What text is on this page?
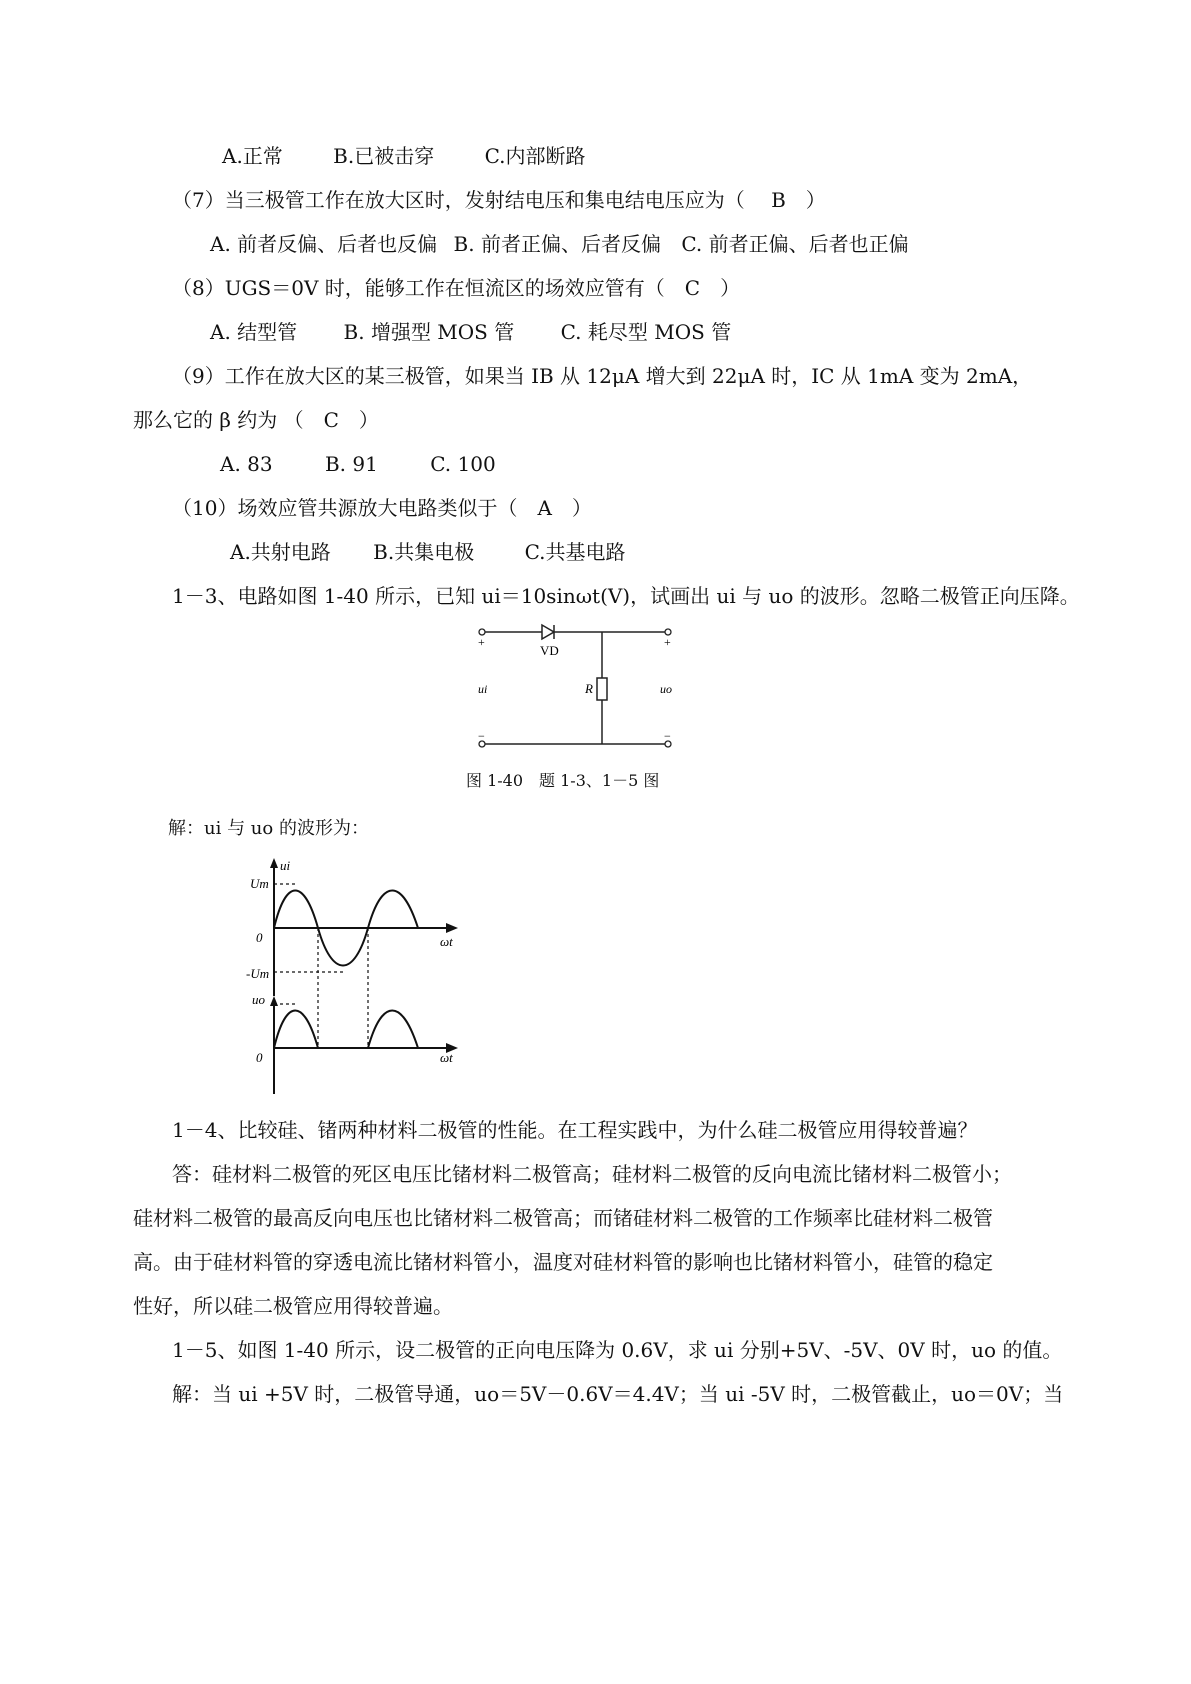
A.正常	B.已被击穿	C.内部断路
（7）当三极管工作在放大区时，发射结电压和集电结电压应为（　 B　）
A. 前者反偏、后者也反偏 B. 前者正偏、后者反偏 C. 前者正偏、后者也正偏
（8）UGS＝0V 时，能够工作在恒流区的场效应管有（　C　）
A. 结型管 B. 增强型 MOS 管 C. 耗尽型 MOS 管
（9）工作在放大区的某三极管，如果当 IB 从 12μA 增大到 22μA 时，IC 从 1mA 变为 2mA，
那么它的 β 约为 （　C　）
A. 83	B. 91	C. 100
（10）场效应管共源放大电路类似于（　A　）
A.共射电路 B.共集电极	C.共基电路
1－3、电路如图 1-40 所示，已知 ui＝10sinωt(V)，试画出 ui 与 uo 的波形。忽略二极管正向压降。
VD
+	+
−	−
R
ui	uo
图 1-40　题 1-3、1－5 图
解：ui 与 uo 的波形为：
ui
Um
-Um
0	ωt
uo
0	ωt
1－4、比较硅、锗两种材料二极管的性能。在工程实践中，为什么硅二极管应用得较普遍？
答：硅材料二极管的死区电压比锗材料二极管高；硅材料二极管的反向电流比锗材料二极管小；
硅材料二极管的最高反向电压也比锗材料二极管高；而锗硅材料二极管的工作频率比硅材料二极管
高。由于硅材料管的穿透电流比锗材料管小，温度对硅材料管的影响也比锗材料管小，硅管的稳定
性好，所以硅二极管应用得较普遍。
1－5、如图 1-40 所示，设二极管的正向电压降为 0.6V，求 ui 分别+5V、-5V、0V 时，uo 的值。
解：当 ui +5V 时，二极管导通，uo＝5V－0.6V＝4.4V；当 ui -5V 时，二极管截止，uo＝0V；当
